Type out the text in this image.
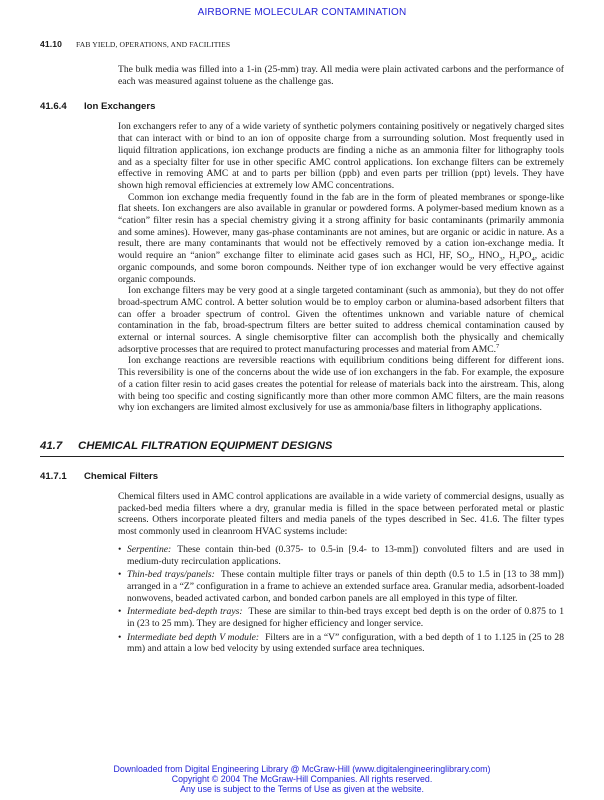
AIRBORNE MOLECULAR CONTAMINATION
41.10 FAB YIELD, OPERATIONS, AND FACILITIES

The bulk media was filled into a 1-in (25-mm) tray. All media were plain activated carbons and the performance of each was measured against toluene as the challenge gas.

41.6.4 Ion Exchangers

Ion exchangers refer to any of a wide variety of synthetic polymers containing positively or negatively charged sites that can interact with or bind to an ion of opposite charge from a surrounding solution. Most frequently used in liquid filtration applications, ion exchange products are finding a niche as an ammonia filter for lithography tools and as a specialty filter for use in other specific AMC control applications. Ion exchange filters can be extremely effective in removing AMC at and to parts per billion (ppb) and even parts per trillion (ppt) levels. They have shown high removal efficiencies at extremely low AMC concentrations.

Common ion exchange media frequently found in the fab are in the form of pleated membranes or sponge-like flat sheets. Ion exchangers are also available in granular or powdered forms. A polymer-based medium known as a “cation” filter resin has a special chemistry giving it a strong affinity for basic contaminants (primarily ammonia and some amines). However, many gas-phase contaminants are not amines, but are organic or acidic in nature. As a result, there are many contaminants that would not be effectively removed by a cation ion-exchange media. It would require an “anion” exchange filter to eliminate acid gases such as HCl, HF, $SO_2$, $HNO_3$, $H_3PO_4$, acidic organic compounds, and some boron compounds. Neither type of ion exchanger would be very effective against organic compounds.

Ion exchange filters may be very good at a single targeted contaminant (such as ammonia), but they do not offer broad-spectrum AMC control. A better solution would be to employ carbon or alumina-based adsorbent filters that can offer a broader spectrum of control. Given the oftentimes unknown and variable nature of chemical contamination in the fab, broad-spectrum filters are better suited to address chemical contamination caused by external or internal sources. A single chemisorptive filter can accomplish both the physically and chemically adsorptive processes that are required to protect manufacturing processes and material from AMC.$^7$

Ion exchange reactions are reversible reactions with equilibrium conditions being different for different ions. This reversibility is one of the concerns about the wide use of ion exchangers in the fab. For example, the exposure of a cation filter resin to acid gases creates the potential for release of materials back into the airstream. This, along with being too specific and costing significantly more than other more common AMC filters, are the main reasons why ion exchangers are limited almost exclusively for use as ammonia/base filters in lithography applications.

41.7 CHEMICAL FILTRATION EQUIPMENT DESIGNS
41.7.1 Chemical Filters

Chemical filters used in AMC control applications are available in a wide variety of commercial designs, usually as packed-bed media filters where a dry, granular media is filled in the space between perforated metal or plastic screens. Others incorporate pleated filters and media panels of the types described in Sec. 41.6. The filter types most commonly used in cleanroom HVAC systems include:

• Serpentine: These contain thin-bed (0.375- to 0.5-in [9.4- to 13-mm]) convoluted filters and are used in medium-duty recirculation applications.
• Thin-bed trays/panels: These contain multiple filter trays or panels of thin depth (0.5 to 1.5 in [13 to 38 mm]) arranged in a “Z” configuration in a frame to achieve an extended surface area. Granular media, adsorbent-loaded nonwovens, beaded activated carbon, and bonded carbon panels are all employed in this type of filter.
• Intermediate bed-depth trays: These are similar to thin-bed trays except bed depth is on the order of 0.875 to 1 in (23 to 25 mm). They are designed for higher efficiency and longer service.
• Intermediate bed depth V module: Filters are in a “V” configuration, with a bed depth of 1 to 1.125 in (25 to 28 mm) and attain a low bed velocity by using extended surface area techniques.
Downloaded from Digital Engineering Library @ McGraw-Hill (www.digitalengineeringlibrary.com)
Copyright © 2004 The McGraw-Hill Companies. All rights reserved.
Any use is subject to the Terms of Use as given at the website.
